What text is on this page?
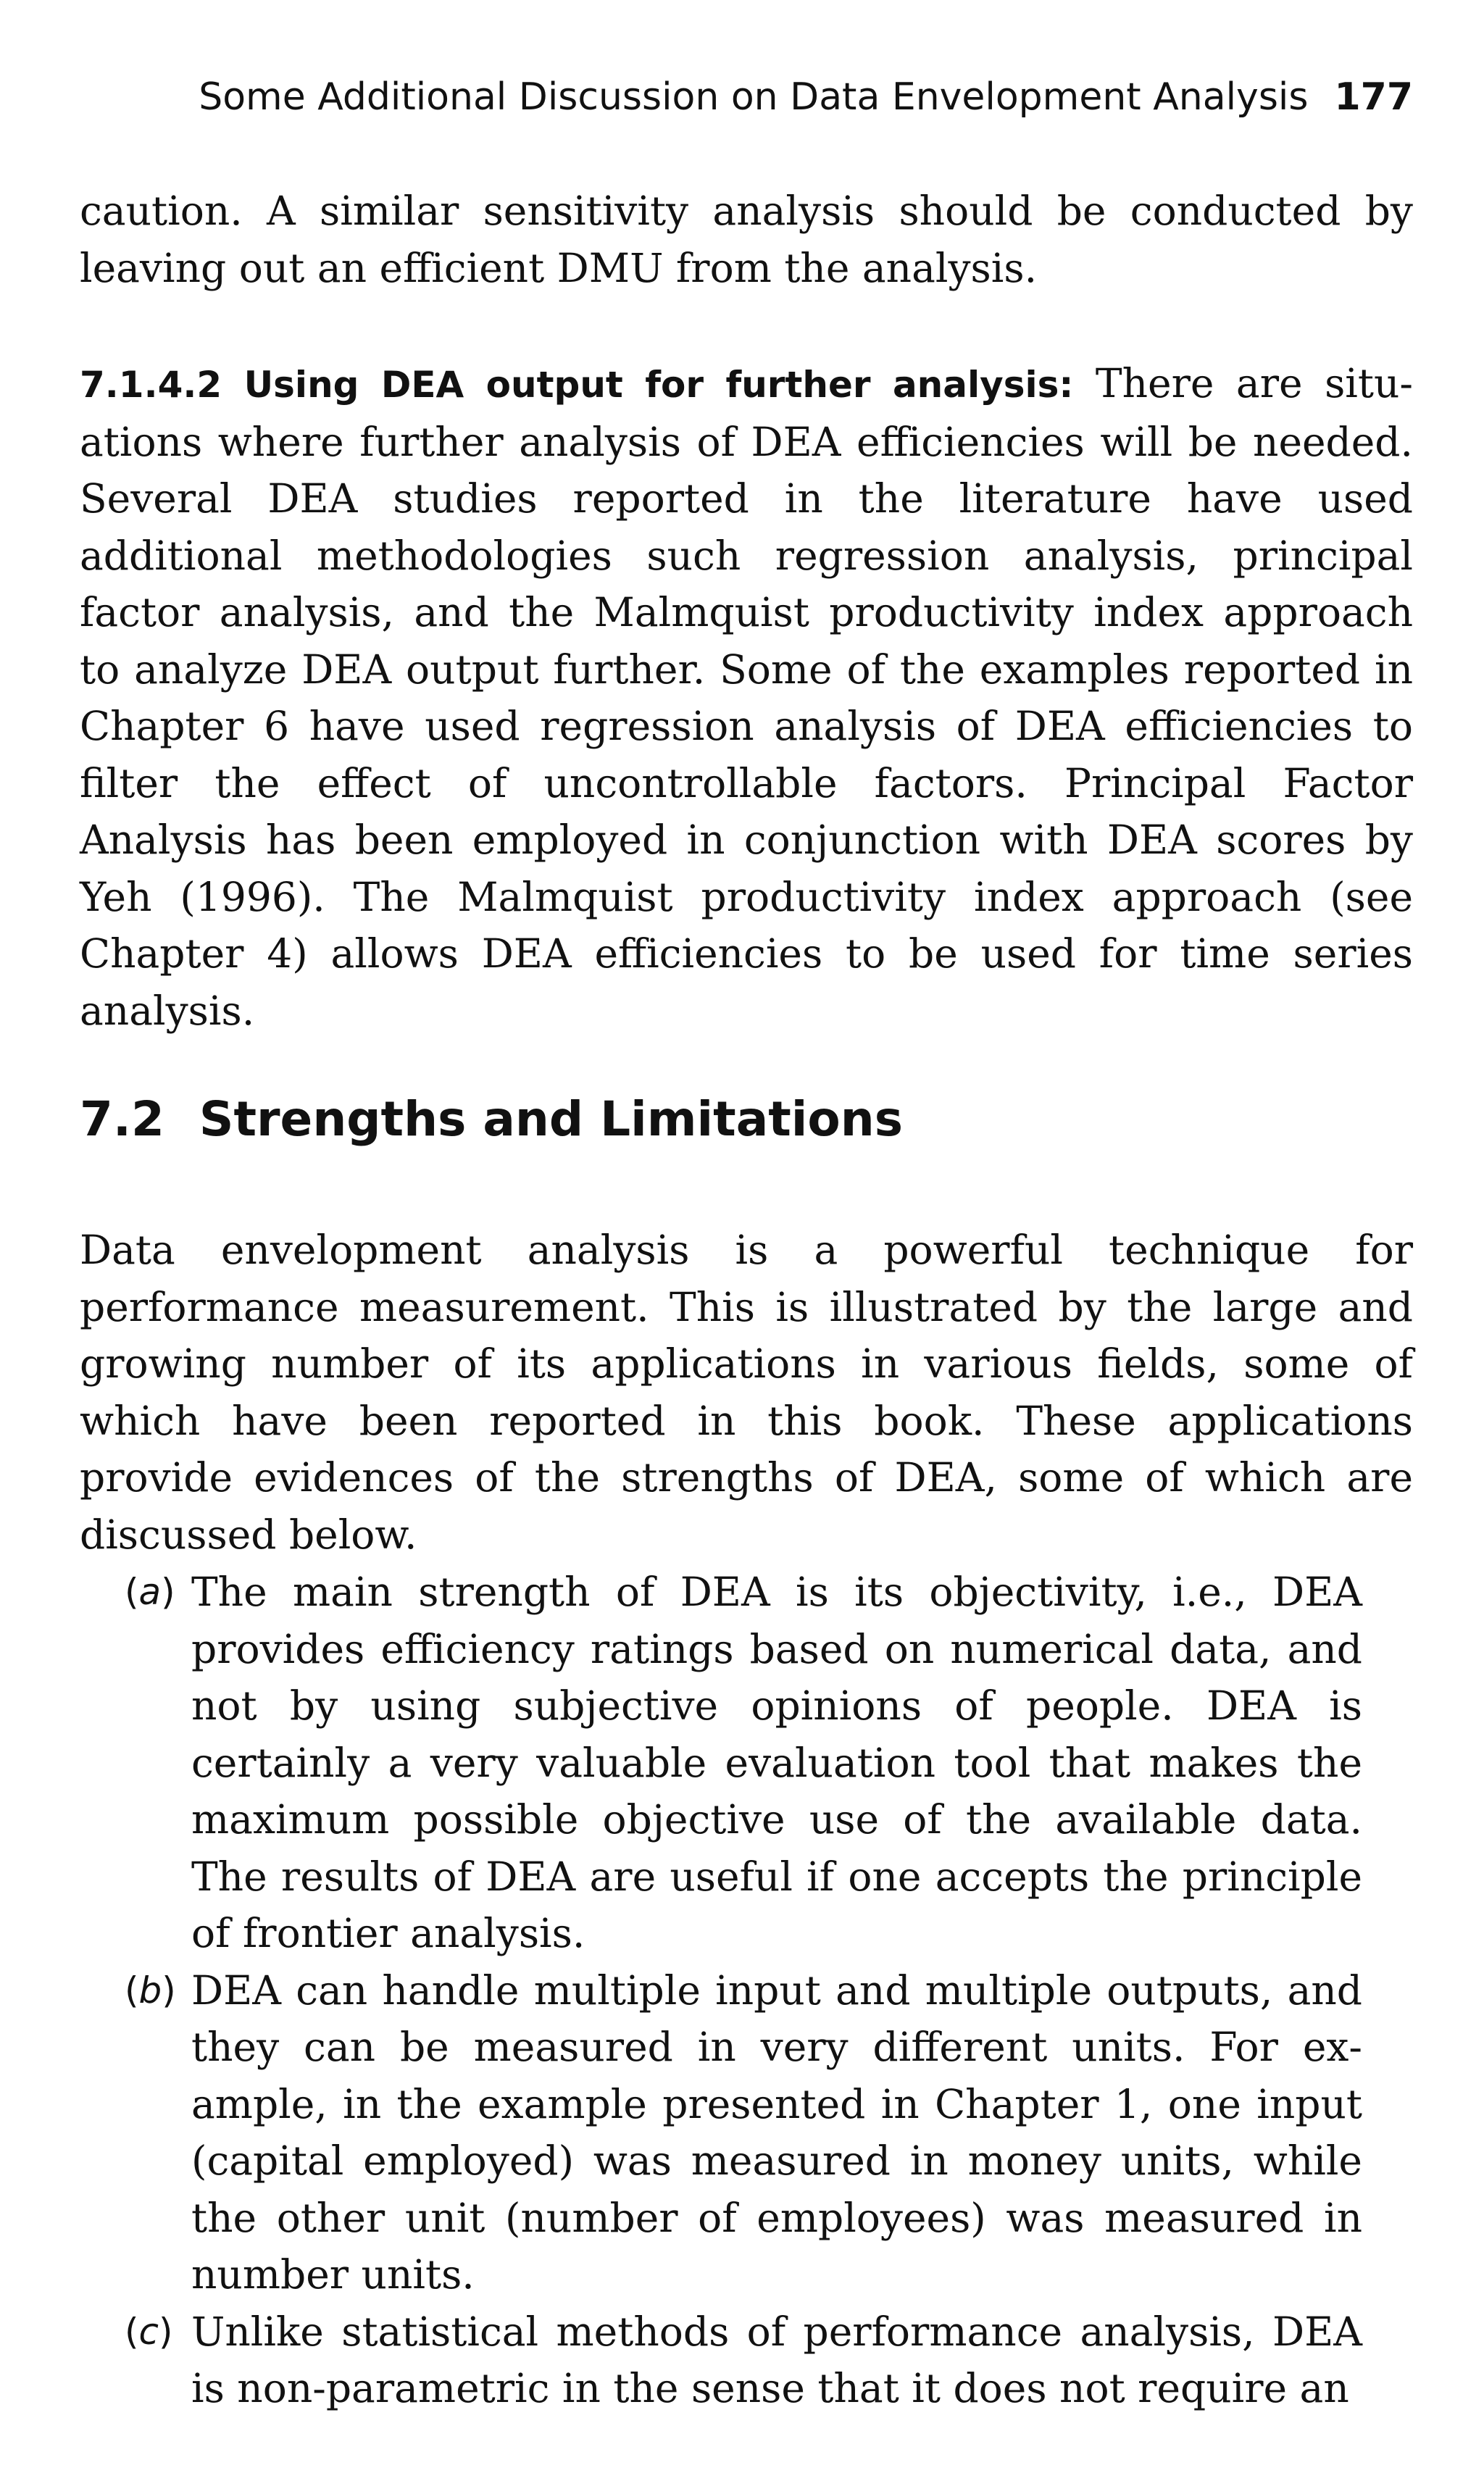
Some Additional Discussion on Data Envelopment Analysis 177

caution. A similar sensitivity analysis should be conducted by leaving out an efficient DMU from the analysis.

7.1.4.2 Using DEA output for further analysis: There are situations where further analysis of DEA efficiencies will be needed. Several DEA studies reported in the literature have used additional methodologies such regression analysis, principal factor analysis, and the Malmquist productivity index approach to analyze DEA output further. Some of the examples reported in Chapter 6 have used regression analysis of DEA efficiencies to filter the effect of uncontrollable factors. Principal Factor Analysis has been employed in conjunction with DEA scores by Yeh (1996). The Malmquist productivity index approach (see Chapter 4) allows DEA efficiencies to be used for time series analysis.

7.2 Strengths and Limitations

Data envelopment analysis is a powerful technique for performance measurement. This is illustrated by the large and growing number of its applications in various fields, some of which have been reported in this book. These applications provide evidences of the strengths of DEA, some of which are discussed below.

(a) The main strength of DEA is its objectivity, i.e., DEA provides efficiency ratings based on numerical data, and not by using subjective opinions of people. DEA is certainly a very valuable evaluation tool that makes the maximum possible objective use of the available data. The results of DEA are useful if one accepts the principle of frontier analysis.
(b) DEA can handle multiple input and multiple outputs, and they can be measured in very different units. For example, in the example presented in Chapter 1, one input (capital employed) was measured in money units, while the other unit (number of employees) was measured in number units.
(c) Unlike statistical methods of performance analysis, DEA is non-parametric in the sense that it does not require an
